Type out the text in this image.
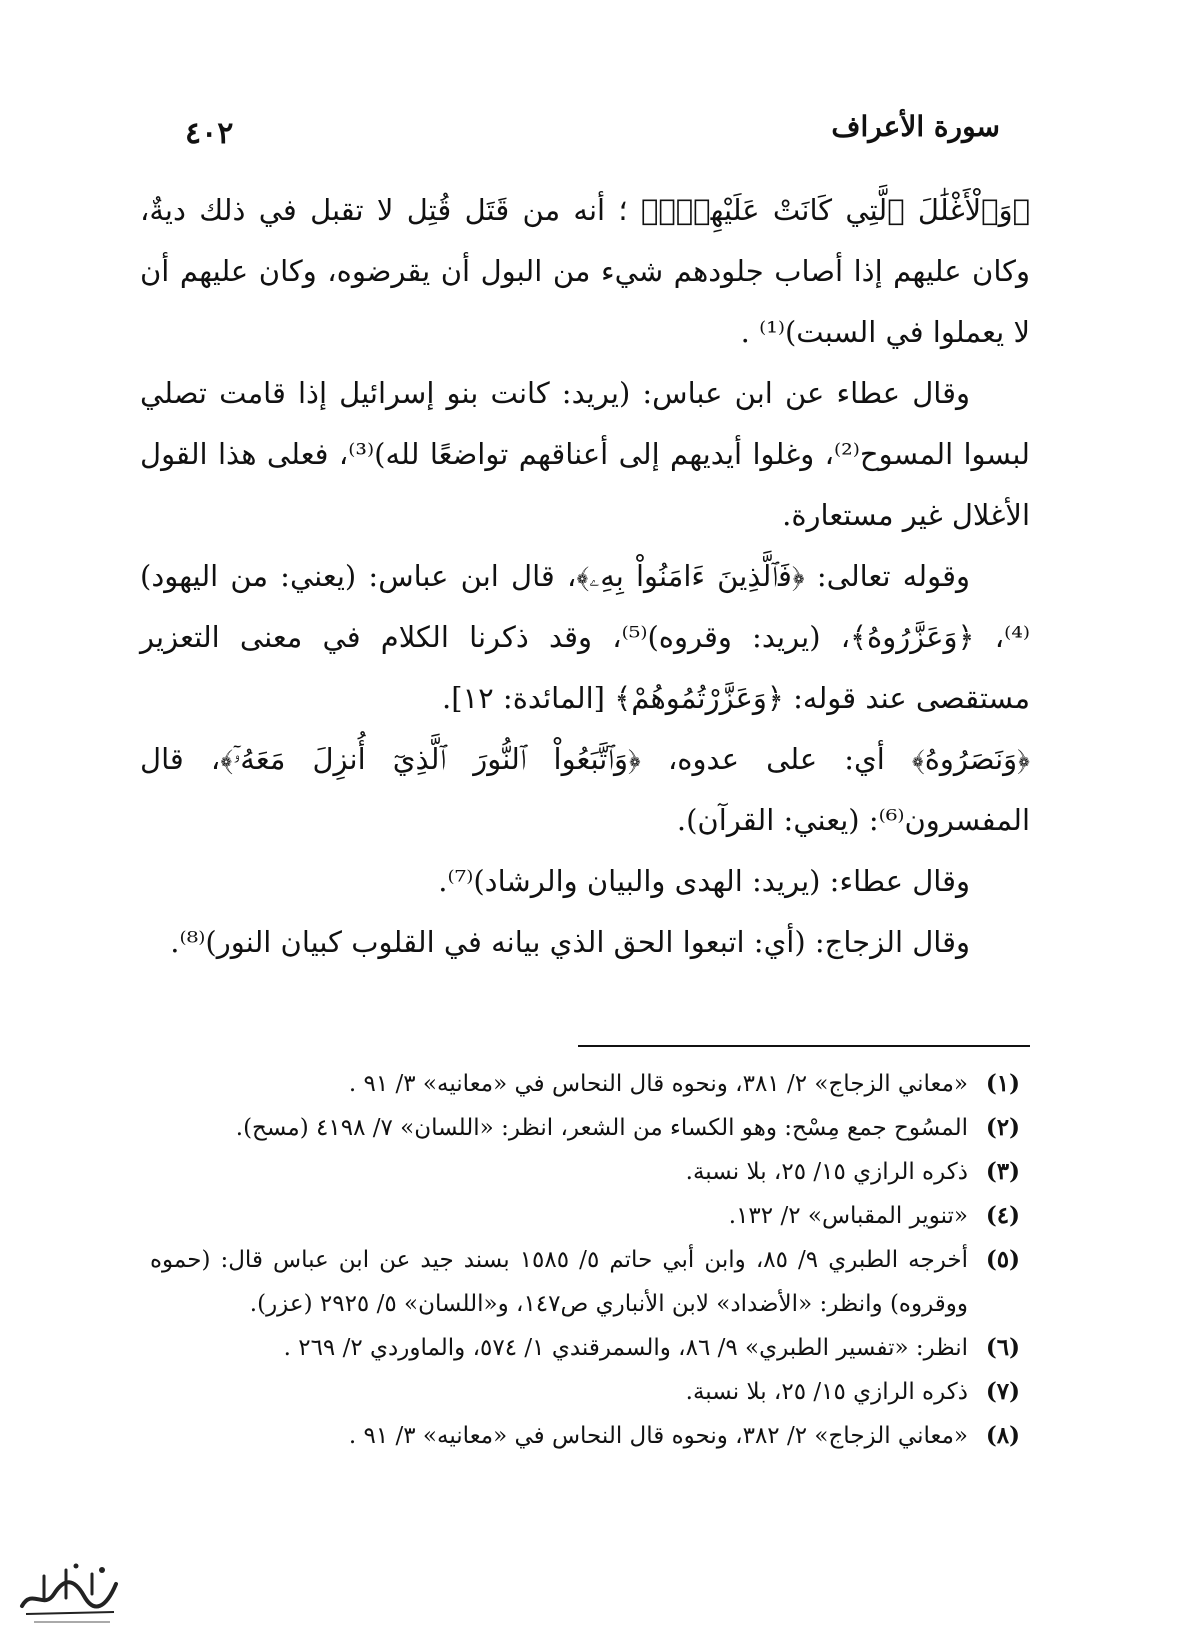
٤٠٢	سورة الأعراف

﴿وَٱلْأَغْلَٰلَ ٱلَّتِي كَانَتْ عَلَيْهِمْۚ﴾ ؛ أنه من قَتَل قُتِل لا تقبل في ذلك ديةٌ، وكان عليهم إذا أصاب جلودهم شيء من البول أن يقرضوه، وكان عليهم أن لا يعملوا في السبت)⁽¹⁾ .

وقال عطاء عن ابن عباس: (يريد: كانت بنو إسرائيل إذا قامت تصلي لبسوا المسوح⁽²⁾، وغلوا أيديهم إلى أعناقهم تواضعًا لله)⁽³⁾، فعلى هذا القول الأغلال غير مستعارة.

وقوله تعالى: ﴿فَٱلَّذِينَ ءَامَنُواْ بِهِۦ﴾، قال ابن عباس: (يعني: من اليهود)⁽⁴⁾، ﴿وَعَزَّرُوهُ﴾، (يريد: وقروه)⁽⁵⁾، وقد ذكرنا الكلام في معنى التعزير مستقصى عند قوله: ﴿وَعَزَّرْتُمُوهُمْ﴾ [المائدة: ١٢].

﴿وَنَصَرُوهُ﴾ أي: على عدوه، ﴿وَٱتَّبَعُواْ ٱلنُّورَ ٱلَّذِيٓ أُنزِلَ مَعَهُۥٓ﴾، قال المفسرون⁽⁶⁾: (يعني: القرآن).

وقال عطاء: (يريد: الهدى والبيان والرشاد)⁽⁷⁾.

وقال الزجاج: (أي: اتبعوا الحق الذي بيانه في القلوب كبيان النور)⁽⁸⁾.

(١)
«معاني الزجاج» ٢/ ٣٨١، ونحوه قال النحاس في «معانيه» ٣/ ٩١ .
(٢)
المسُوح جمع مِسْح: وهو الكساء من الشعر، انظر: «اللسان» ٧/ ٤١٩٨ (مسح).
(٣)
ذكره الرازي ١٥/ ٢٥، بلا نسبة.
(٤)
«تنوير المقباس» ٢/ ١٣٢.
(٥)
أخرجه الطبري ٩/ ٨٥، وابن أبي حاتم ٥/ ١٥٨٥ بسند جيد عن ابن عباس قال: (حموه ووقروه) وانظر: «الأضداد» لابن الأنباري ص١٤٧، و«اللسان» ٥/ ٢٩٢٥ (عزر).
(٦)
انظر: «تفسير الطبري» ٩/ ٨٦، والسمرقندي ١/ ٥٧٤، والماوردي ٢/ ٢٦٩ .
(٧)
ذكره الرازي ١٥/ ٢٥، بلا نسبة.
(٨)
«معاني الزجاج» ٢/ ٣٨٢، ونحوه قال النحاس في «معانيه» ٣/ ٩١ .
